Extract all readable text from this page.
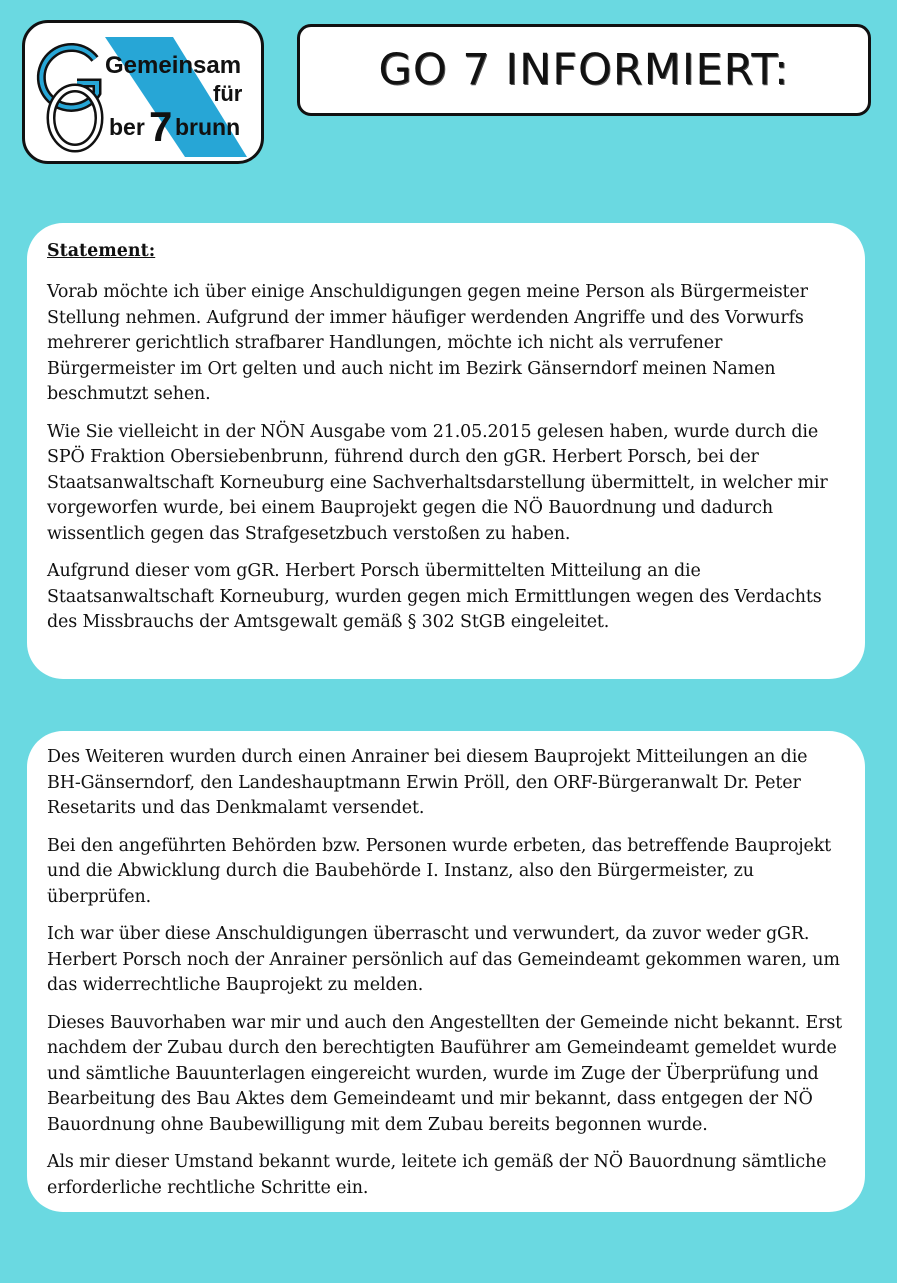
Gemeinsam
für
ber 7 brunn
GO 7 INFORMIERT:
Statement:

Vorab möchte ich über einige Anschuldigungen gegen meine Person als Bürgermeister Stellung nehmen. Aufgrund der immer häufiger werdenden Angriffe und des Vorwurfs mehrerer gerichtlich strafbarer Handlungen, möchte ich nicht als verrufener Bürgermeister im Ort gelten und auch nicht im Bezirk Gänserndorf meinen Namen beschmutzt sehen.

Wie Sie vielleicht in der NÖN Ausgabe vom 21.05.2015 gelesen haben, wurde durch die SPÖ Fraktion Obersiebenbrunn, führend durch den gGR. Herbert Porsch, bei der Staatsanwaltschaft Korneuburg eine Sachverhaltsdarstellung übermittelt, in welcher mir vorgeworfen wurde, bei einem Bauprojekt gegen die NÖ Bauordnung und dadurch wissentlich gegen das Strafgesetzbuch verstoßen zu haben.

Aufgrund dieser vom gGR. Herbert Porsch übermittelten Mitteilung an die Staatsanwaltschaft Korneuburg, wurden gegen mich Ermittlungen wegen des Verdachts des Missbrauchs der Amtsgewalt gemäß § 302 StGB eingeleitet.

Des Weiteren wurden durch einen Anrainer bei diesem Bauprojekt Mitteilungen an die BH-Gänserndorf, den Landeshauptmann Erwin Pröll, den ORF-Bürgeranwalt Dr. Peter Resetarits und das Denkmalamt versendet.

Bei den angeführten Behörden bzw. Personen wurde erbeten, das betreffende Bauprojekt und die Abwicklung durch die Baubehörde I. Instanz, also den Bürgermeister, zu überprüfen.

Ich war über diese Anschuldigungen überrascht und verwundert, da zuvor weder gGR. Herbert Porsch noch der Anrainer persönlich auf das Gemeindeamt gekommen waren, um das widerrechtliche Bauprojekt zu melden.

Dieses Bauvorhaben war mir und auch den Angestellten der Gemeinde nicht bekannt. Erst nachdem der Zubau durch den berechtigten Bauführer am Gemeindeamt gemeldet wurde und sämtliche Bauunterlagen eingereicht wurden, wurde im Zuge der Überprüfung und Bearbeitung des Bau Aktes dem Gemeindeamt und mir bekannt, dass entgegen der NÖ Bauordnung ohne Baubewilligung mit dem Zubau bereits begonnen wurde.

Als mir dieser Umstand bekannt wurde, leitete ich gemäß der NÖ Bauordnung sämtliche erforderliche rechtliche Schritte ein.
